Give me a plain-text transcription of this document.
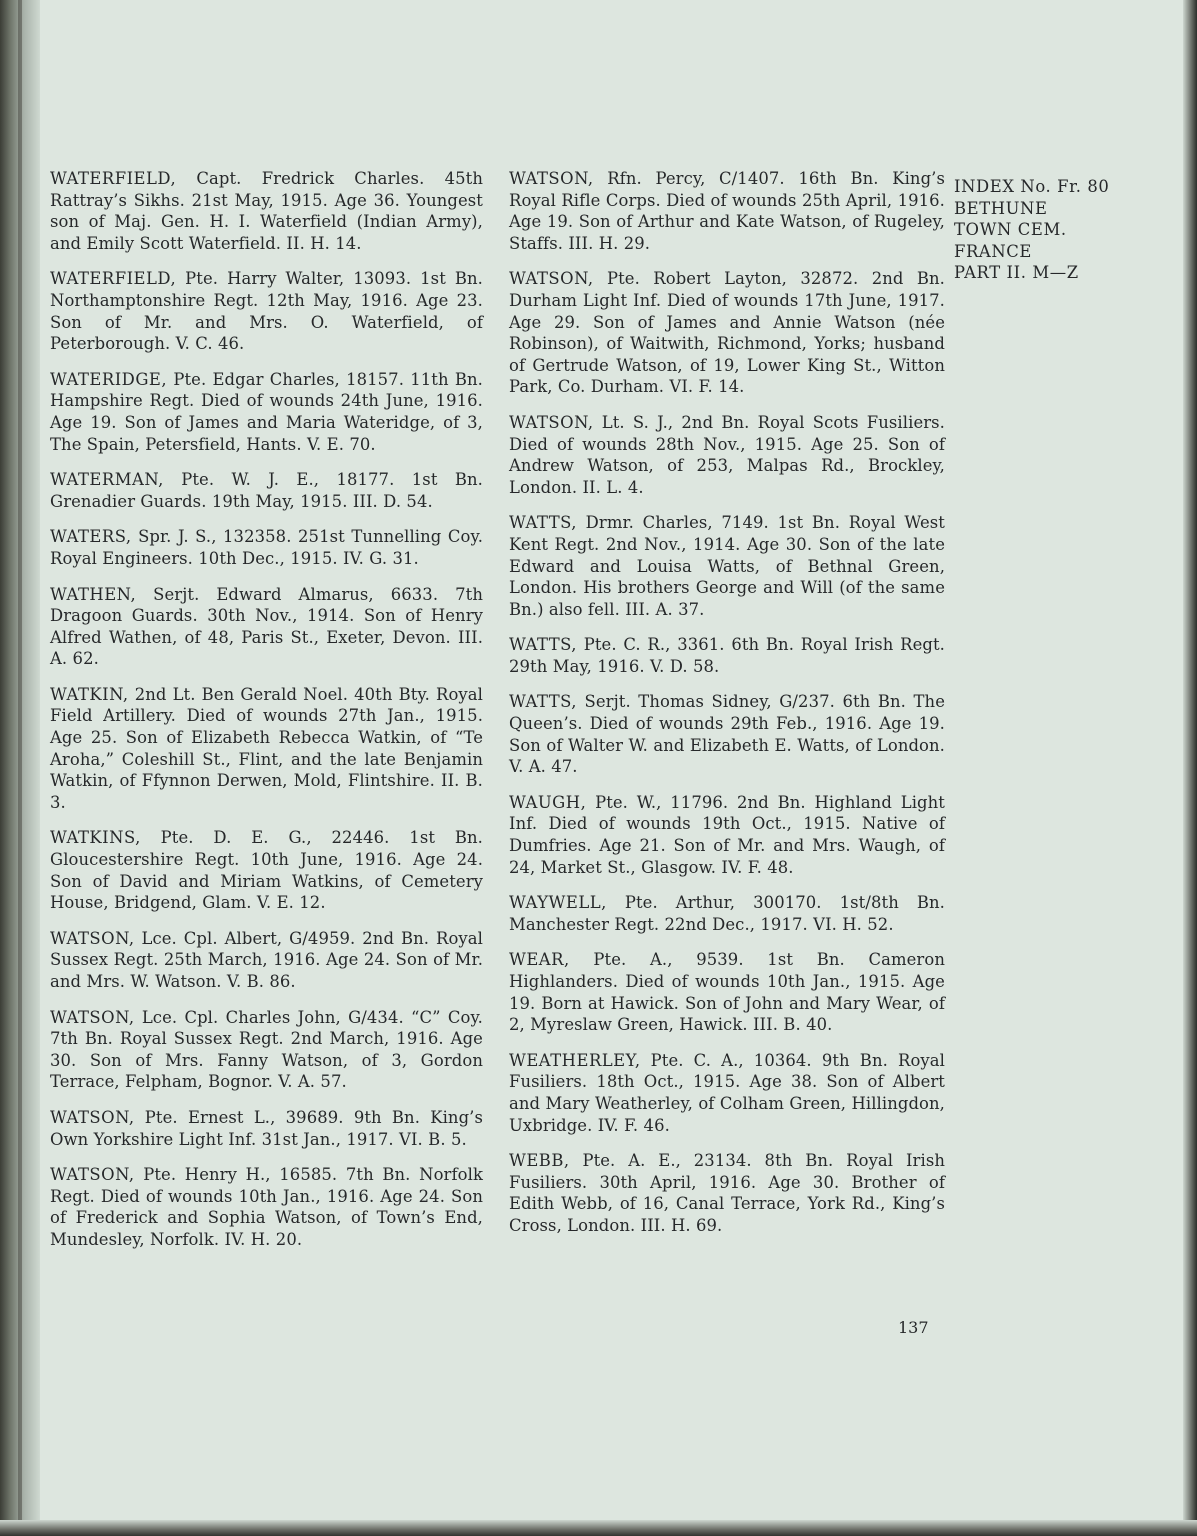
WATERFIELD, Capt. Fredrick Charles. 45th Rattray’s Sikhs. 21st May, 1915. Age 36. Youngest son of Maj. Gen. H. I. Waterfield (Indian Army), and Emily Scott Waterfield. II. H. 14.

WATERFIELD, Pte. Harry Walter, 13093. 1st Bn. Northamptonshire Regt. 12th May, 1916. Age 23. Son of Mr. and Mrs. O. Waterfield, of Peterborough. V. C. 46.

WATERIDGE, Pte. Edgar Charles, 18157. 11th Bn. Hampshire Regt. Died of wounds 24th June, 1916. Age 19. Son of James and Maria Wateridge, of 3, The Spain, Petersfield, Hants. V. E. 70.

WATERMAN, Pte. W. J. E., 18177. 1st Bn. Grenadier Guards. 19th May, 1915. III. D. 54.

WATERS, Spr. J. S., 132358. 251st Tunnelling Coy. Royal Engineers. 10th Dec., 1915. IV. G. 31.

WATHEN, Serjt. Edward Almarus, 6633. 7th Dragoon Guards. 30th Nov., 1914. Son of Henry Alfred Wathen, of 48, Paris St., Exeter, Devon. III. A. 62.

WATKIN, 2nd Lt. Ben Gerald Noel. 40th Bty. Royal Field Artillery. Died of wounds 27th Jan., 1915. Age 25. Son of Elizabeth Rebecca Watkin, of “Te Aroha,” Coleshill St., Flint, and the late Benjamin Watkin, of Ffynnon Derwen, Mold, Flintshire. II. B. 3.

WATKINS, Pte. D. E. G., 22446. 1st Bn. Gloucestershire Regt. 10th June, 1916. Age 24. Son of David and Miriam Watkins, of Cemetery House, Bridgend, Glam. V. E. 12.

WATSON, Lce. Cpl. Albert, G/4959. 2nd Bn. Royal Sussex Regt. 25th March, 1916. Age 24. Son of Mr. and Mrs. W. Watson. V. B. 86.

WATSON, Lce. Cpl. Charles John, G/434. “C” Coy. 7th Bn. Royal Sussex Regt. 2nd March, 1916. Age 30. Son of Mrs. Fanny Watson, of 3, Gordon Terrace, Felpham, Bognor. V. A. 57.

WATSON, Pte. Ernest L., 39689. 9th Bn. King’s Own Yorkshire Light Inf. 31st Jan., 1917. VI. B. 5.

WATSON, Pte. Henry H., 16585. 7th Bn. Norfolk Regt. Died of wounds 10th Jan., 1916. Age 24. Son of Frederick and Sophia Watson, of Town’s End, Mundesley, Norfolk. IV. H. 20.

WATSON, Rfn. Percy, C/1407. 16th Bn. King’s Royal Rifle Corps. Died of wounds 25th April, 1916. Age 19. Son of Arthur and Kate Watson, of Rugeley, Staffs. III. H. 29.

WATSON, Pte. Robert Layton, 32872. 2nd Bn. Durham Light Inf. Died of wounds 17th June, 1917. Age 29. Son of James and Annie Watson (née Robinson), of Waitwith, Richmond, Yorks; husband of Gertrude Watson, of 19, Lower King St., Witton Park, Co. Durham. VI. F. 14.

WATSON, Lt. S. J., 2nd Bn. Royal Scots Fusiliers. Died of wounds 28th Nov., 1915. Age 25. Son of Andrew Watson, of 253, Malpas Rd., Brockley, London. II. L. 4.

WATTS, Drmr. Charles, 7149. 1st Bn. Royal West Kent Regt. 2nd Nov., 1914. Age 30. Son of the late Edward and Louisa Watts, of Bethnal Green, London. His brothers George and Will (of the same Bn.) also fell. III. A. 37.

WATTS, Pte. C. R., 3361. 6th Bn. Royal Irish Regt. 29th May, 1916. V. D. 58.

WATTS, Serjt. Thomas Sidney, G/237. 6th Bn. The Queen’s. Died of wounds 29th Feb., 1916. Age 19. Son of Walter W. and Elizabeth E. Watts, of London. V. A. 47.

WAUGH, Pte. W., 11796. 2nd Bn. Highland Light Inf. Died of wounds 19th Oct., 1915. Native of Dumfries. Age 21. Son of Mr. and Mrs. Waugh, of 24, Market St., Glasgow. IV. F. 48.

WAYWELL, Pte. Arthur, 300170. 1st/8th Bn. Manchester Regt. 22nd Dec., 1917. VI. H. 52.

WEAR, Pte. A., 9539. 1st Bn. Cameron Highlanders. Died of wounds 10th Jan., 1915. Age 19. Born at Hawick. Son of John and Mary Wear, of 2, Myreslaw Green, Hawick. III. B. 40.

WEATHERLEY, Pte. C. A., 10364. 9th Bn. Royal Fusiliers. 18th Oct., 1915. Age 38. Son of Albert and Mary Weatherley, of Colham Green, Hillingdon, Uxbridge. IV. F. 46.

WEBB, Pte. A. E., 23134. 8th Bn. Royal Irish Fusiliers. 30th April, 1916. Age 30. Brother of Edith Webb, of 16, Canal Terrace, York Rd., King’s Cross, London. III. H. 69.

INDEX No. Fr. 80
BETHUNE
TOWN CEM.
FRANCE
PART II. M—Z
137
